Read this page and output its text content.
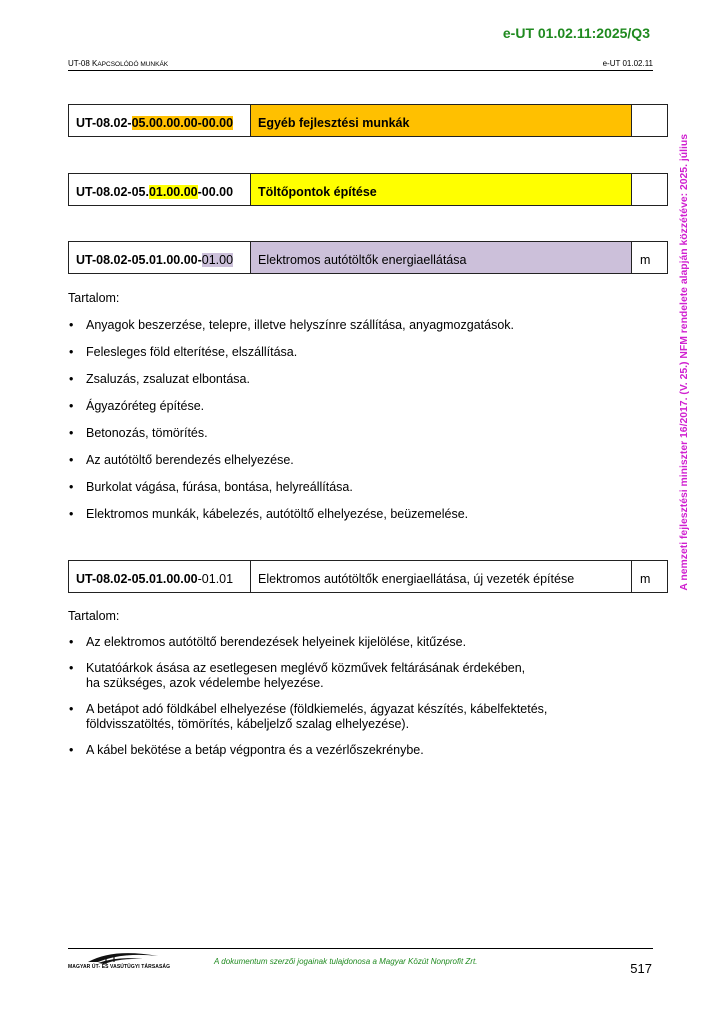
e-UT 01.02.11:2025/Q3
UT-08 KAPCSOLÓDÓ MUNKÁK	e-UT 01.02.11
A nemzeti fejlesztési miniszter 16/2017. (V. 25.) NFM rendelete alapján közzétéve: 2025. július
UT-08.02- 05.00.00.00 -00.00	Egyéb fejlesztési munkák
UT-08.02-05. 01.00.00 -00.00	Töltőpontok építése
UT-08.02-05.01.00.00- 01.00	Elektromos autótöltők energiaellátása	m
Tartalom:
• Anyagok beszerzése, telepre, illetve helyszínre szállítása, anyagmozgatások.
• Felesleges föld elterítése, elszállítása.
• Zsaluzás, zsaluzat elbontása.
• Ágyazóréteg építése.
• Betonozás, tömörítés.
• Az autótöltő berendezés elhelyezése.
• Burkolat vágása, fúrása, bontása, helyreállítása.
• Elektromos munkák, kábelezés, autótöltő elhelyezése, beüzemelése.
UT-08.02-05.01.00.00 -01.01	Elektromos autótöltők energiaellátása, új vezeték építése	m
Tartalom:
• Az elektromos autótöltő berendezések helyeinek kijelölése, kitűzése.
• Kutatóárkok ásása az esetlegesen meglévő közművek feltárásának érdekében,
ha szükséges, azok védelembe helyezése.
• A betápot adó földkábel elhelyezése (földkiemelés, ágyazat készítés, kábelfektetés,
földvisszatöltés, tömörítés, kábeljelző szalag elhelyezése).
• A kábel bekötése a betáp végpontra és a vezérlőszekrénybe.
MAGYAR ÚT- ÉS VASÚTÜGYI TÁRSASÁG
A dokumentum szerzői jogainak tulajdonosa a Magyar Közút Nonprofit Zrt.	517
